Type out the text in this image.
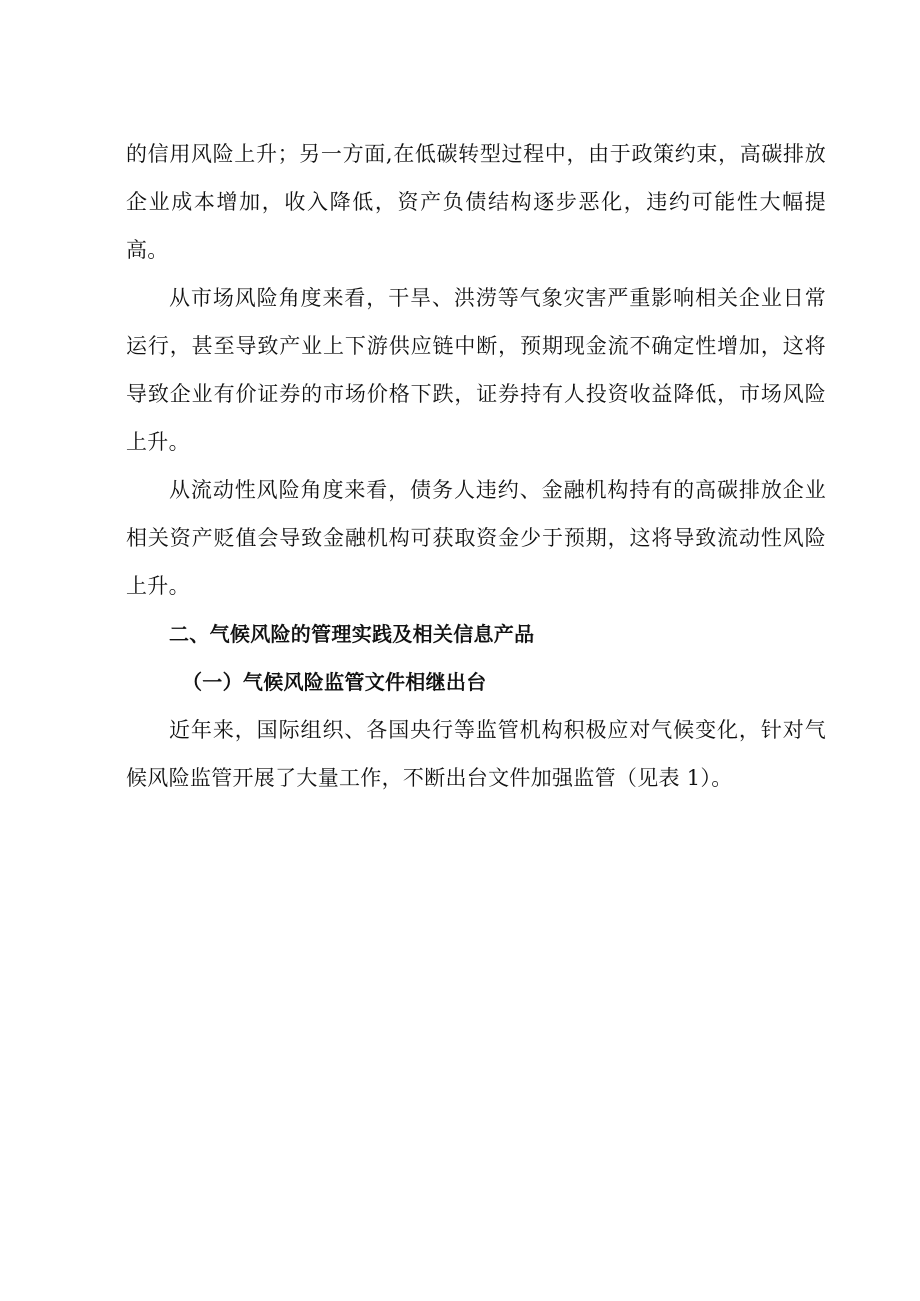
的信用风险上升；另一方面,在低碳转型过程中，由于政策约束，高碳排放企业成本增加，收入降低，资产负债结构逐步恶化，违约可能性大幅提高。

从市场风险角度来看，干旱、洪涝等气象灾害严重影响相关企业日常运行，甚至导致产业上下游供应链中断，预期现金流不确定性增加，这将导致企业有价证券的市场价格下跌，证券持有人投资收益降低，市场风险上升。

从流动性风险角度来看，债务人违约、金融机构持有的高碳排放企业相关资产贬值会导致金融机构可获取资金少于预期，这将导致流动性风险上升。

二、气候风险的管理实践及相关信息产品

（一）气候风险监管文件相继出台

近年来，国际组织、各国央行等监管机构积极应对气候变化，针对气候风险监管开展了大量工作，不断出台文件加强监管（见表 1）。
